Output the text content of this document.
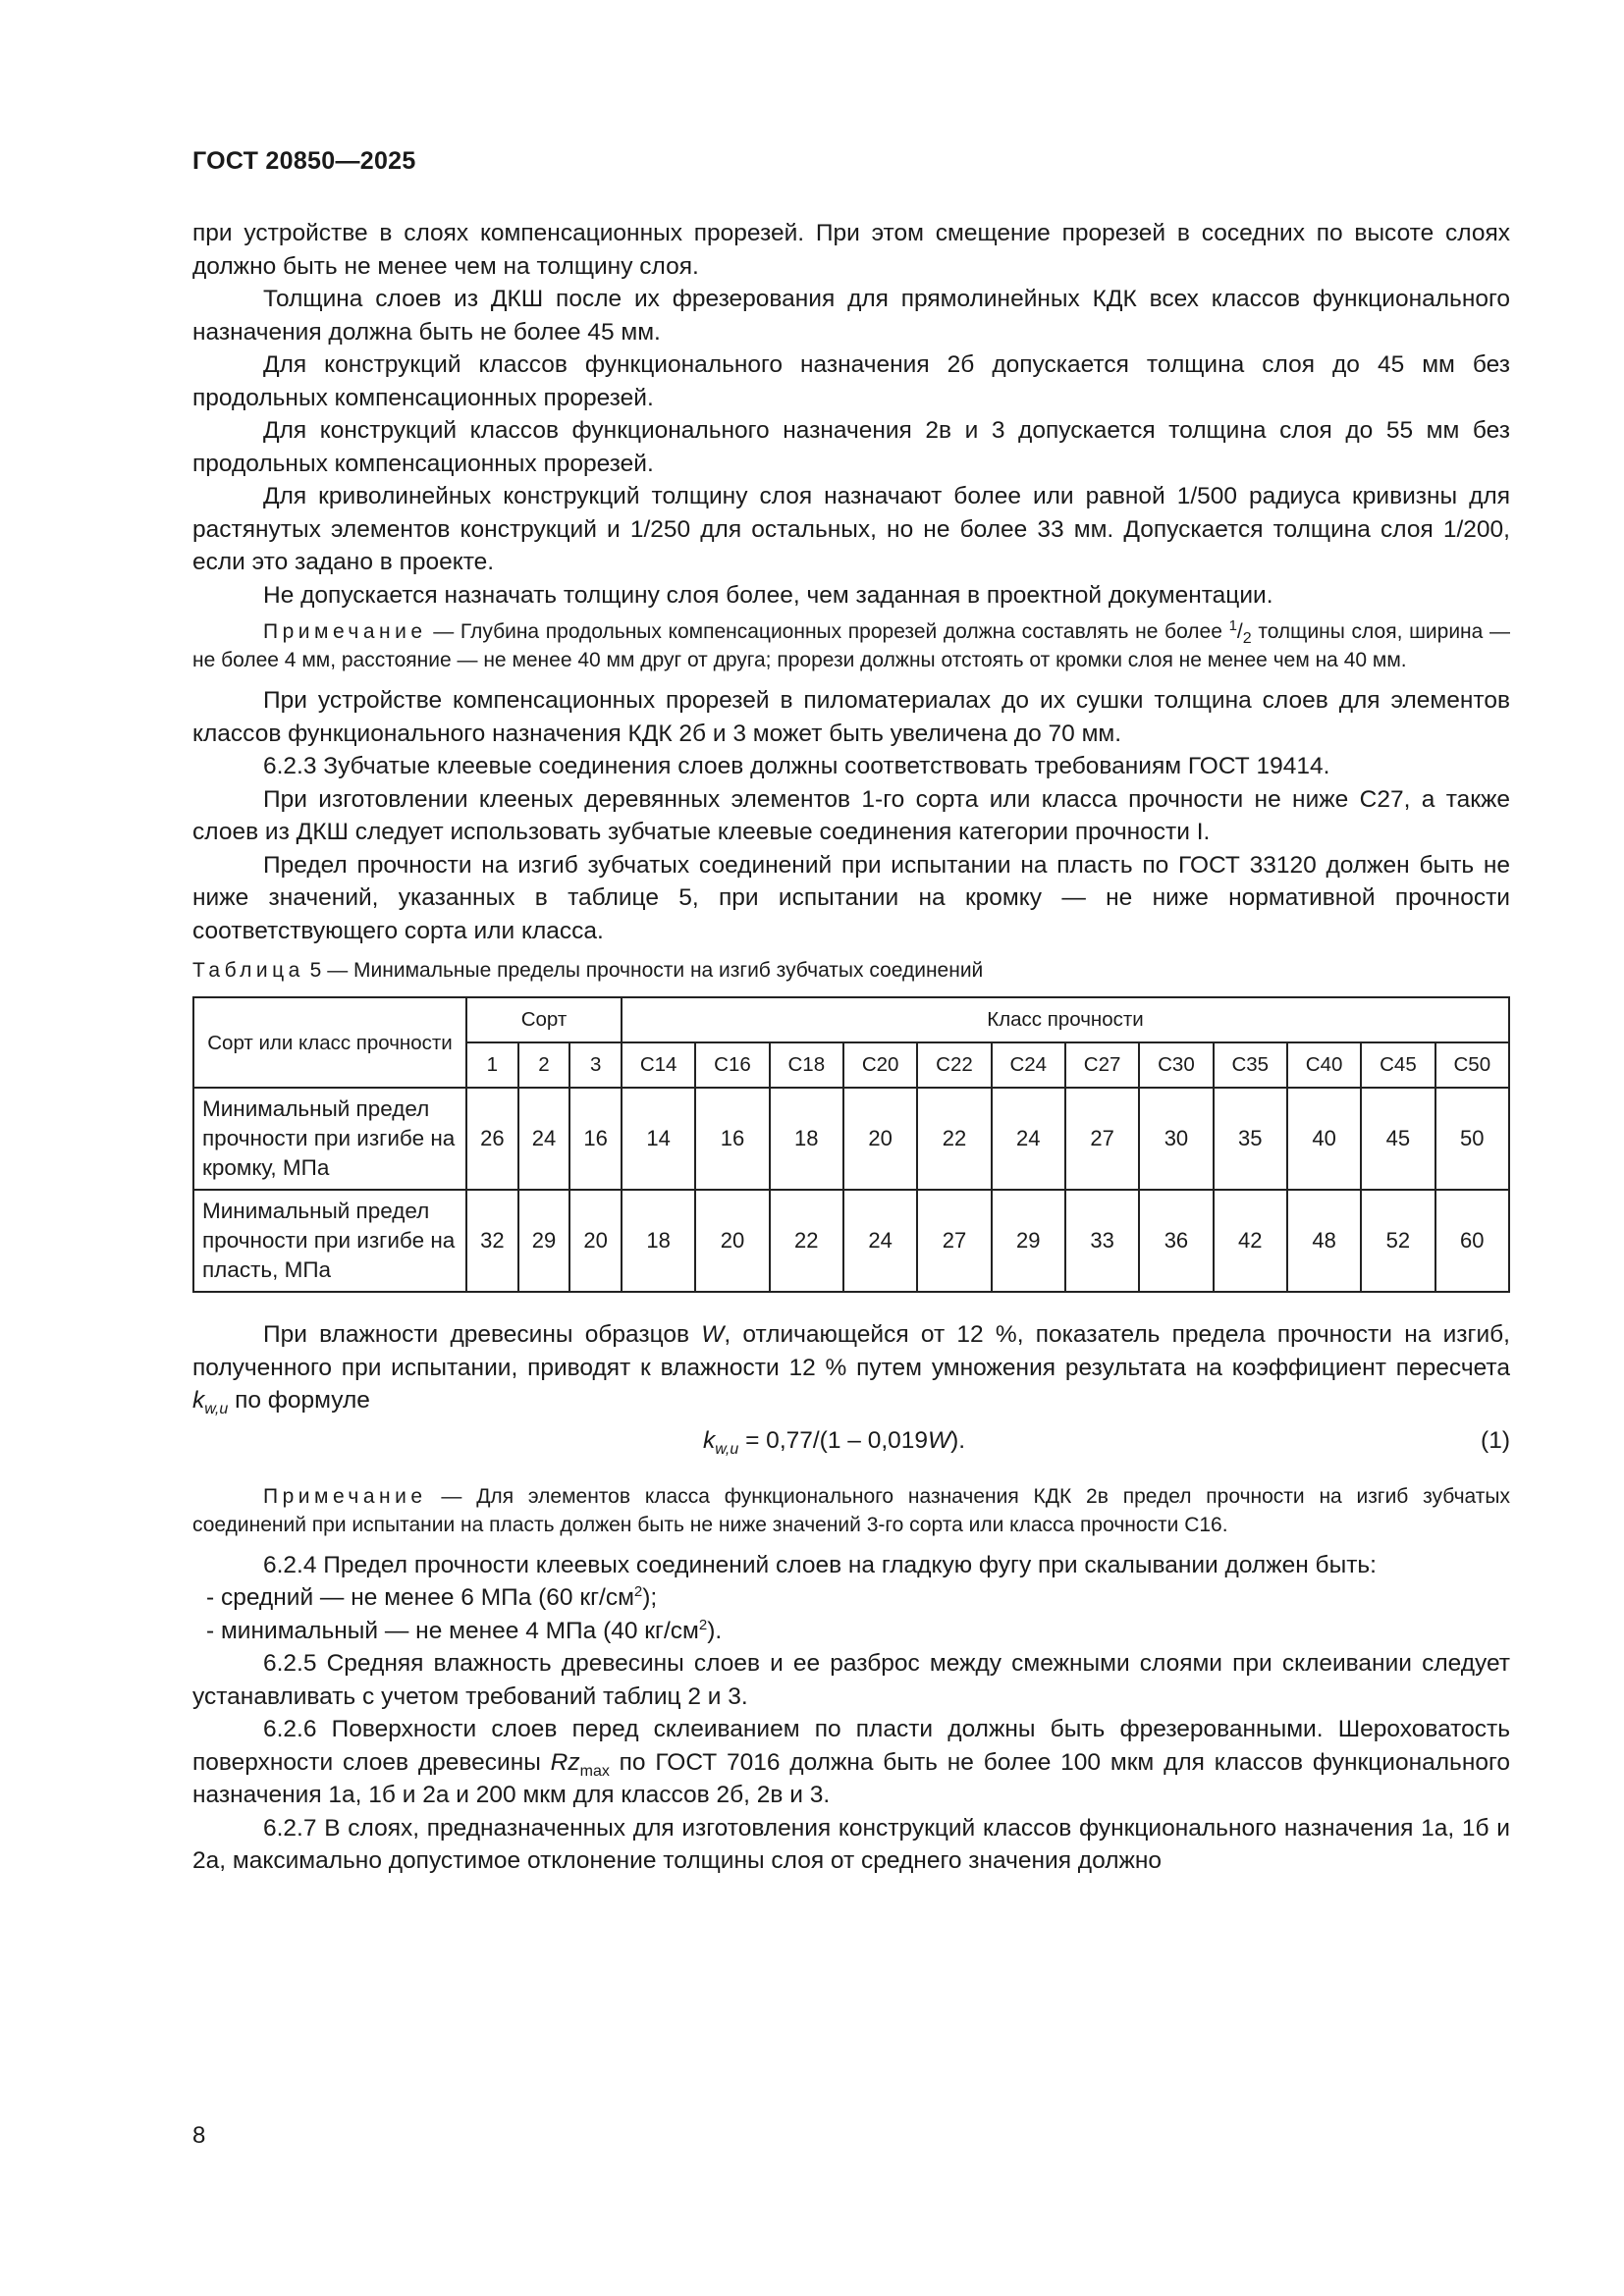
ГОСТ 20850—2025

при устройстве в слоях компенсационных прорезей. При этом смещение прорезей в соседних по высоте слоях должно быть не менее чем на толщину слоя.

Толщина слоев из ДКШ после их фрезерования для прямолинейных КДК всех классов функционального назначения должна быть не более 45 мм.

Для конструкций классов функционального назначения 2б допускается толщина слоя до 45 мм без продольных компенсационных прорезей.

Для конструкций классов функционального назначения 2в и 3 допускается толщина слоя до 55 мм без продольных компенсационных прорезей.

Для криволинейных конструкций толщину слоя назначают более или равной 1/500 радиуса кривизны для растянутых элементов конструкций и 1/250 для остальных, но не более 33 мм. Допускается толщина слоя 1/200, если это задано в проекте.

Не допускается назначать толщину слоя более, чем заданная в проектной документации.

Примечание — Глубина продольных компенсационных прорезей должна составлять не более $^1/_2$ толщины слоя, ширина — не более 4 мм, расстояние — не менее 40 мм друг от друга; прорези должны отстоять от кромки слоя не менее чем на 40 мм.

При устройстве компенсационных прорезей в пиломатериалах до их сушки толщина слоев для элементов классов функционального назначения КДК 2б и 3 может быть увеличена до 70 мм.

6.2.3 Зубчатые клеевые соединения слоев должны соответствовать требованиям ГОСТ 19414.

При изготовлении клееных деревянных элементов 1-го сорта или класса прочности не ниже С27, а также слоев из ДКШ следует использовать зубчатые клеевые соединения категории прочности I.

Предел прочности на изгиб зубчатых соединений при испытании на пласть по ГОСТ 33120 должен быть не ниже значений, указанных в таблице 5, при испытании на кромку — не ниже нормативной прочности соответствующего сорта или класса.

Таблица 5 — Минимальные пределы прочности на изгиб зубчатых соединений
Сорт или класс прочности	Сорт			Класс прочности											
	1	2	3	С14	С16	С18	С20	С22	С24	С27	С30	С35	С40	С45	С50
Минимальный предел прочности при изгибе на кромку, МПа	26	24	16	14	16	18	20	22	24	27	30	35	40	45	50
Минимальный предел прочности при изгибе на пласть, МПа	32	29	20	18	20	22	24	27	29	33	36	42	48	52	60

При влажности древесины образцов W, отличающейся от 12 %, показатель предела прочности на изгиб, полученного при испытании, приводят к влажности 12 % путем умножения результата на коэффициент пересчета $k_{w,u}$ по формуле

$k_{w,u} = 0,77/(1 - 0,019W)$.	(1)
Примечание — Для элементов класса функционального назначения КДК 2в предел прочности на изгиб зубчатых соединений при испытании на пласть должен быть не ниже значений 3-го сорта или класса прочности С16.

6.2.4 Предел прочности клеевых соединений слоев на гладкую фугу при скалывании должен быть:

- средний — не менее 6 МПа (60 $кг/см^2$);

- минимальный — не менее 4 МПа (40 $кг/см^2$).

6.2.5 Средняя влажность древесины слоев и ее разброс между смежными слоями при склеивании следует устанавливать с учетом требований таблиц 2 и 3.

6.2.6 Поверхности слоев перед склеиванием по пласти должны быть фрезерованными. Шероховатость поверхности слоев древесины $Rz_{max}$ по ГОСТ 7016 должна быть не более 100 мкм для классов функционального назначения 1а, 1б и 2а и 200 мкм для классов 2б, 2в и 3.

6.2.7 В слоях, предназначенных для изготовления конструкций классов функционального назначения 1а, 1б и 2а, максимально допустимое отклонение толщины слоя от среднего значения должно

8
